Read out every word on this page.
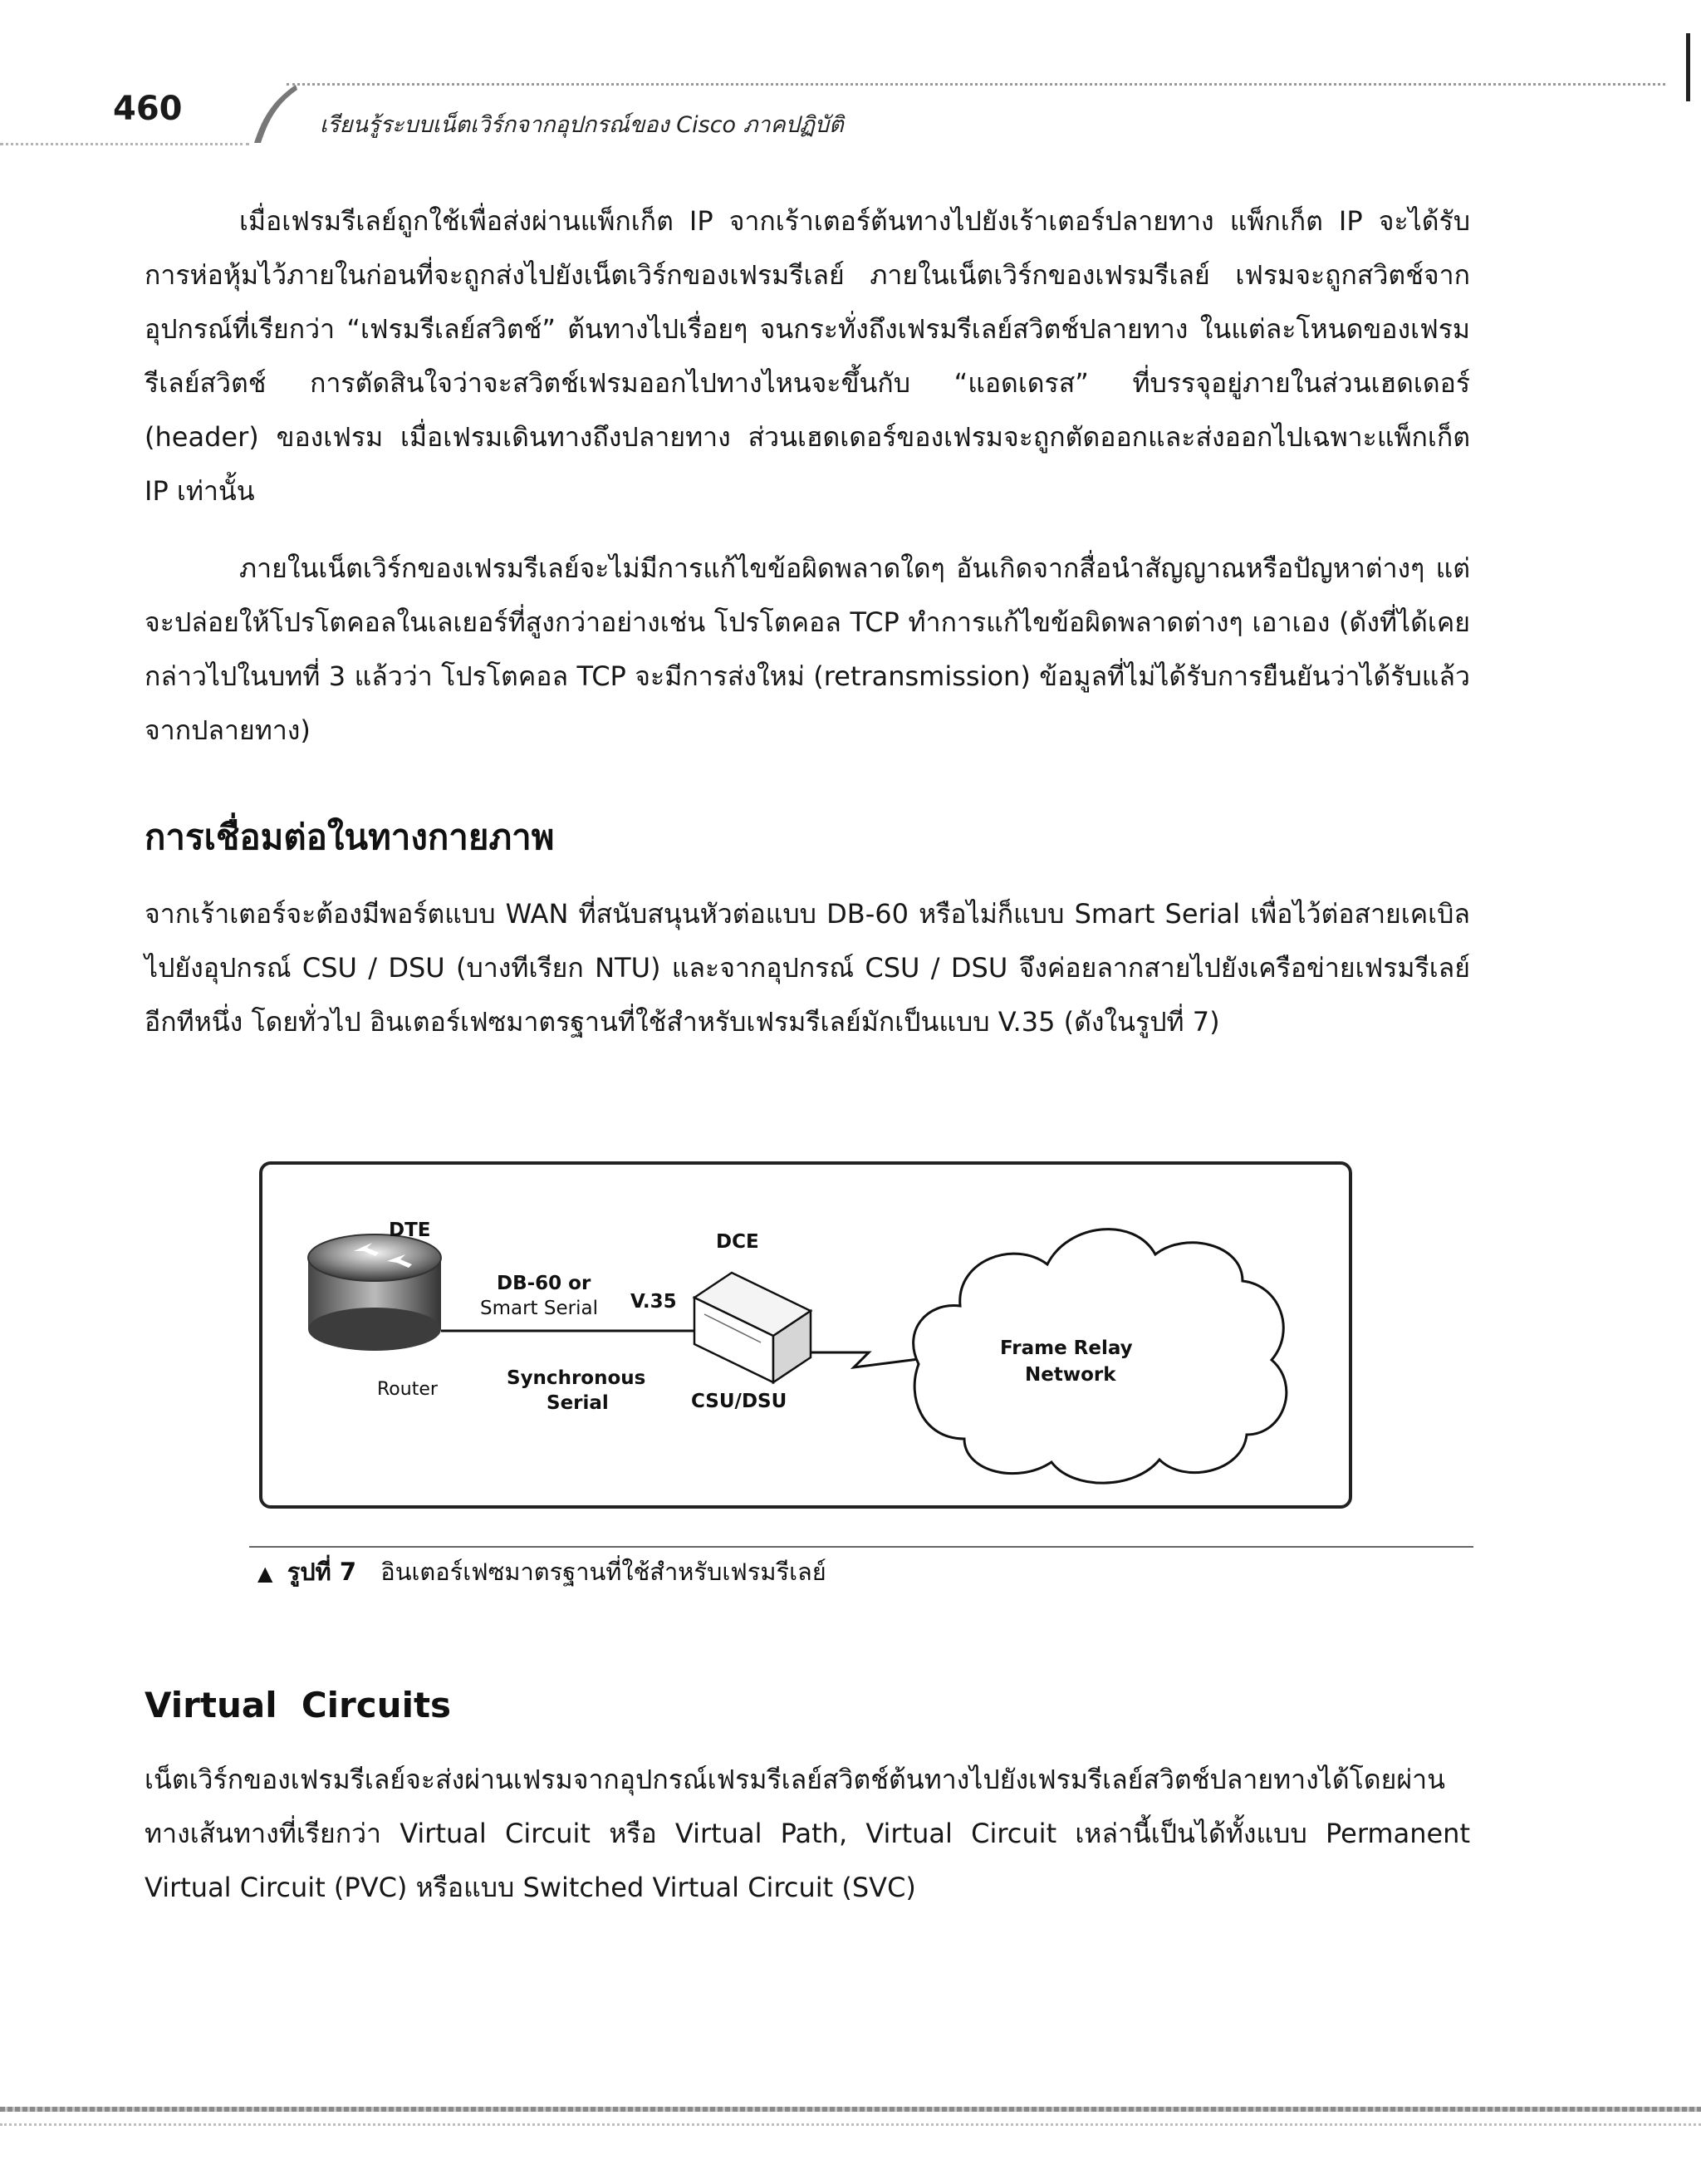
460	เรียนรู้ระบบเน็ตเวิร์กจากอุปกรณ์ของ Cisco ภาคปฏิบัติ

เมื่อเฟรมรีเลย์ถูกใช้เพื่อส่งผ่านแพ็กเก็ต IP จากเร้าเตอร์ต้นทางไปยังเร้าเตอร์ปลายทาง แพ็กเก็ต IP จะได้รับการห่อหุ้มไว้ภายในก่อนที่จะถูกส่งไปยังเน็ตเวิร์กของเฟรมรีเลย์ ภายในเน็ตเวิร์กของเฟรมรีเลย์ เฟรมจะถูกสวิตช์จากอุปกรณ์ที่เรียกว่า “เฟรมรีเลย์สวิตช์” ต้นทางไปเรื่อยๆ จนกระทั่งถึงเฟรมรีเลย์สวิตช์ปลายทาง ในแต่ละโหนดของเฟรมรีเลย์สวิตช์ การตัดสินใจว่าจะสวิตช์เฟรมออกไปทางไหนจะขึ้นกับ “แอดเดรส” ที่บรรจุอยู่ภายในส่วนเฮดเดอร์ (header) ของเฟรม เมื่อเฟรมเดินทางถึงปลายทาง ส่วนเฮดเดอร์ของเฟรมจะถูกตัดออกและส่งออกไปเฉพาะแพ็กเก็ต IP เท่านั้น

ภายในเน็ตเวิร์กของเฟรมรีเลย์จะไม่มีการแก้ไขข้อผิดพลาดใดๆ อันเกิดจากสื่อนำสัญญาณหรือปัญหาต่างๆ แต่จะปล่อยให้โปรโตคอลในเลเยอร์ที่สูงกว่าอย่างเช่น โปรโตคอล TCP ทำการแก้ไขข้อผิดพลาดต่างๆ เอาเอง (ดังที่ได้เคยกล่าวไปในบทที่ 3 แล้วว่า โปรโตคอล TCP จะมีการส่งใหม่ (retransmission) ข้อมูลที่ไม่ได้รับการยืนยันว่าได้รับแล้วจากปลายทาง)

การเชื่อมต่อในทางกายภาพ

จากเร้าเตอร์จะต้องมีพอร์ตแบบ WAN ที่สนับสนุนหัวต่อแบบ DB-60 หรือไม่ก็แบบ Smart Serial เพื่อไว้ต่อสายเคเบิลไปยังอุปกรณ์ CSU / DSU (บางทีเรียก NTU) และจากอุปกรณ์ CSU / DSU จึงค่อยลากสายไปยังเครือข่ายเฟรมรีเลย์อีกทีหนึ่ง โดยทั่วไป อินเตอร์เฟซมาตรฐานที่ใช้สำหรับเฟรมรีเลย์มักเป็นแบบ V.35 (ดังในรูปที่ 7)

DTE
Router
DB-60 or
Smart Serial V.35
Synchronous
Serial
DCE
CSU/DSU
Frame Relay
Network
▲ รูปที่ 7 อินเตอร์เฟซมาตรฐานที่ใช้สำหรับเฟรมรีเลย์
Virtual  Circuits

เน็ตเวิร์กของเฟรมรีเลย์จะส่งผ่านเฟรมจากอุปกรณ์เฟรมรีเลย์สวิตช์ต้นทางไปยังเฟรมรีเลย์สวิตช์ปลายทางได้โดยผ่านทางเส้นทางที่เรียกว่า Virtual Circuit หรือ Virtual Path, Virtual Circuit เหล่านี้เป็นได้ทั้งแบบ Permanent Virtual Circuit (PVC) หรือแบบ Switched Virtual Circuit (SVC)
